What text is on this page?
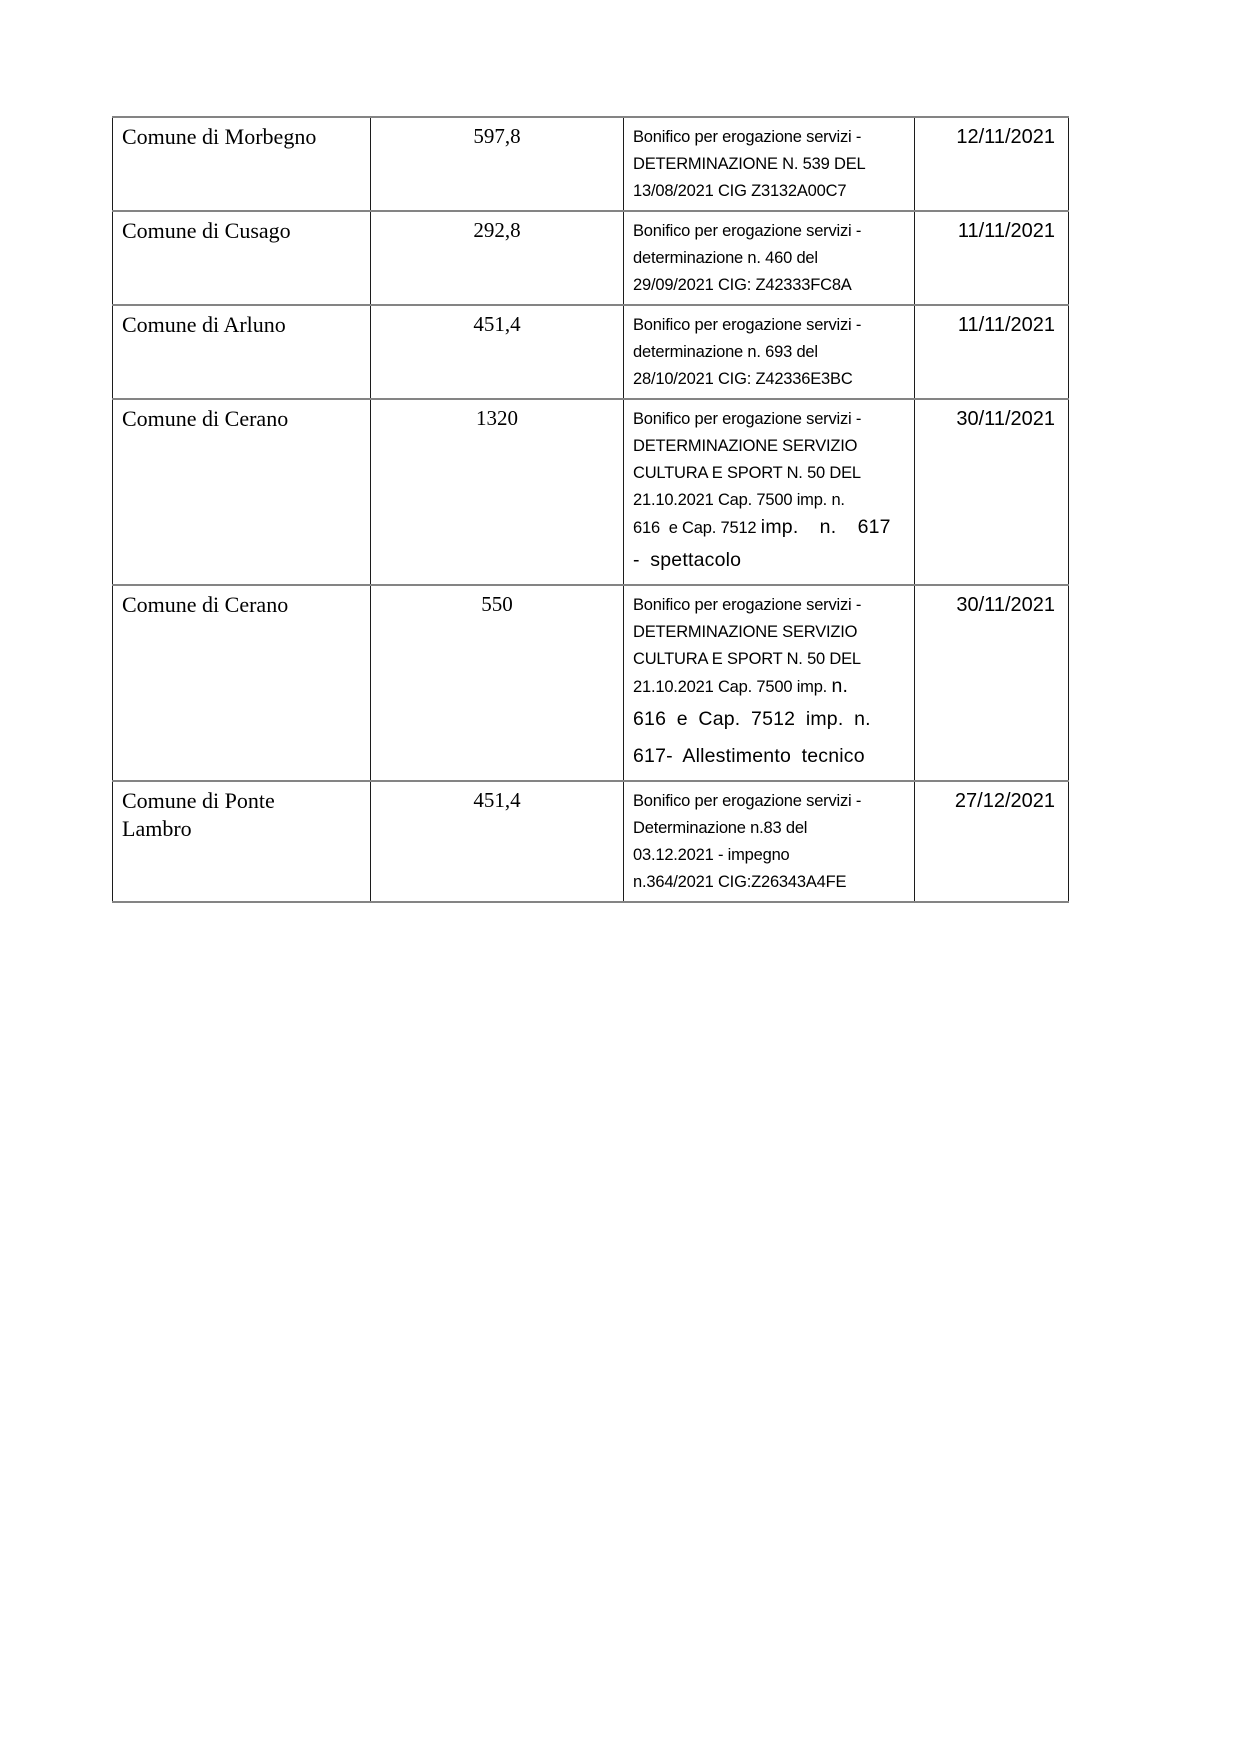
Comune di Morbegno	597,8	Bonifico per erogazione servizi -
DETERMINAZIONE N. 539 DEL
13/08/2021 CIG Z3132A00C7	12/11/2021
Comune di Cusago	292,8	Bonifico per erogazione servizi -
determinazione n. 460 del
29/09/2021 CIG: Z42333FC8A	11/11/2021
Comune di Arluno	451,4	Bonifico per erogazione servizi -
determinazione n. 693 del
28/10/2021 CIG: Z42336E3BC	11/11/2021
Comune di Cerano	1320	Bonifico per erogazione servizi -
DETERMINAZIONE SERVIZIO
CULTURA E SPORT N. 50 DEL
21.10.2021 Cap. 7500 imp. n.
616  e Cap. 7512 imp.  n.  617
- spettacolo
	30/11/2021
Comune di Cerano	550	Bonifico per erogazione servizi -
DETERMINAZIONE SERVIZIO
CULTURA E SPORT N. 50 DEL
21.10.2021 Cap. 7500 imp. n.
616 e Cap. 7512 imp. n.
617- Allestimento tecnico
	30/11/2021
Comune di Ponte Lambro	451,4	Bonifico per erogazione servizi -
Determinazione n.83 del
03.12.2021 - impegno
n.364/2021 CIG:Z26343A4FE	27/12/2021
